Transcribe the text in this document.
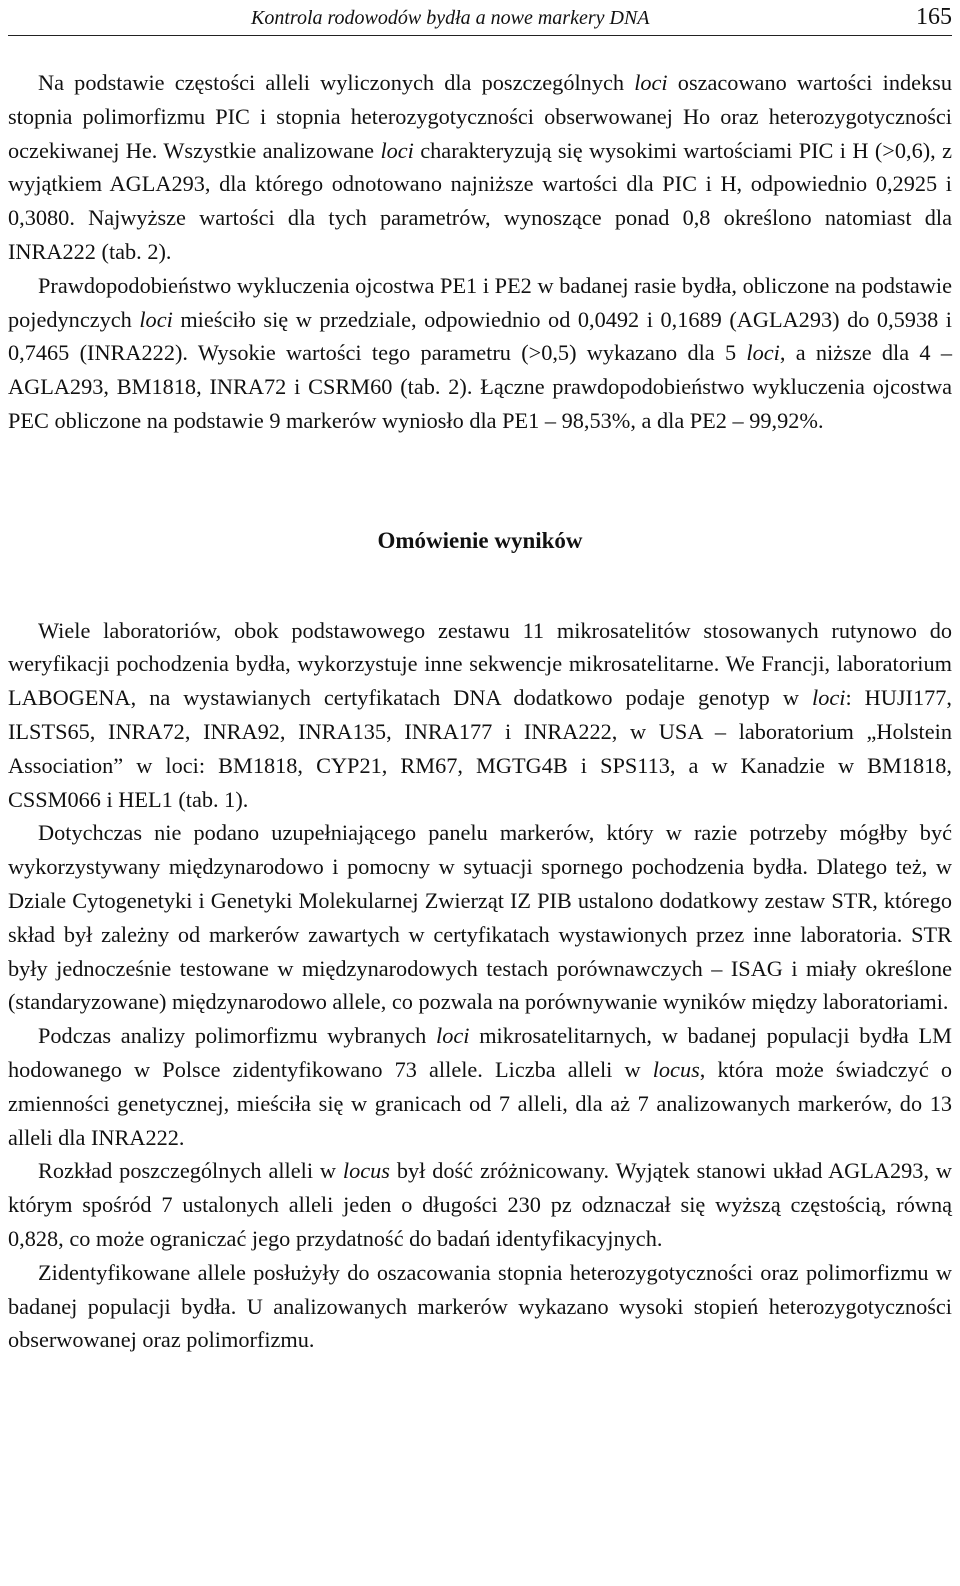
Kontrola rodowodów bydła a nowe markery DNA	165

Na podstawie częstości alleli wyliczonych dla poszczególnych loci oszacowano wartości indeksu stopnia polimorfizmu PIC i stopnia heterozygotyczności obserwowanej Ho oraz heterozygotyczności oczekiwanej He. Wszystkie analizowane loci charakteryzują się wysokimi wartościami PIC i H (>0,6), z wyjątkiem AGLA293, dla którego odnotowano najniższe wartości dla PIC i H, odpowiednio 0,2925 i 0,3080. Najwyższe wartości dla tych parametrów, wynoszące ponad 0,8 określono natomiast dla INRA222 (tab. 2).

Prawdopodobieństwo wykluczenia ojcostwa PE1 i PE2 w badanej rasie bydła, obliczone na podstawie pojedynczych loci mieściło się w przedziale, odpowiednio od 0,0492 i 0,1689 (AGLA293) do 0,5938 i 0,7465 (INRA222). Wysokie wartości tego parametru (>0,5) wykazano dla 5 loci, a niższe dla 4 – AGLA293, BM1818, INRA72 i CSRM60 (tab. 2). Łączne prawdopodobieństwo wykluczenia ojcostwa PEC obliczone na podstawie 9 markerów wyniosło dla PE1 – 98,53%, a dla PE2 – 99,92%.

Omówienie wyników

Wiele laboratoriów, obok podstawowego zestawu 11 mikrosatelitów stosowanych rutynowo do weryfikacji pochodzenia bydła, wykorzystuje inne sekwencje mikrosatelitarne. We Francji, laboratorium LABOGENA, na wystawianych certyfikatach DNA dodatkowo podaje genotyp w loci: HUJI177, ILSTS65, INRA72, INRA92, INRA135, INRA177 i INRA222, w USA – laboratorium „Holstein Association” w loci: BM1818, CYP21, RM67, MGTG4B i SPS113, a w Kanadzie w BM1818, CSSM066 i HEL1 (tab. 1).

Dotychczas nie podano uzupełniającego panelu markerów, który w razie potrzeby mógłby być wykorzystywany międzynarodowo i pomocny w sytuacji spornego pochodzenia bydła. Dlatego też, w Dziale Cytogenetyki i Genetyki Molekularnej Zwierząt IZ PIB ustalono dodatkowy zestaw STR, którego skład był zależny od markerów zawartych w certyfikatach wystawionych przez inne laboratoria. STR były jednocześnie testowane w międzynarodowych testach porównawczych – ISAG i miały określone (standaryzowane) międzynarodowo allele, co pozwala na porównywanie wyników między laboratoriami.

Podczas analizy polimorfizmu wybranych loci mikrosatelitarnych, w badanej populacji bydła LM hodowanego w Polsce zidentyfikowano 73 allele. Liczba alleli w locus, która może świadczyć o zmienności genetycznej, mieściła się w granicach od 7 alleli, dla aż 7 analizowanych markerów, do 13 alleli dla INRA222.

Rozkład poszczególnych alleli w locus był dość zróżnicowany. Wyjątek stanowi układ AGLA293, w którym spośród 7 ustalonych alleli jeden o długości 230 pz odznaczał się wyższą częstością, równą 0,828, co może ograniczać jego przydatność do badań identyfikacyjnych.

Zidentyfikowane allele posłużyły do oszacowania stopnia heterozygotyczności oraz polimorfizmu w badanej populacji bydła. U analizowanych markerów wykazano wysoki stopień heterozygotyczności obserwowanej oraz polimorfizmu.
